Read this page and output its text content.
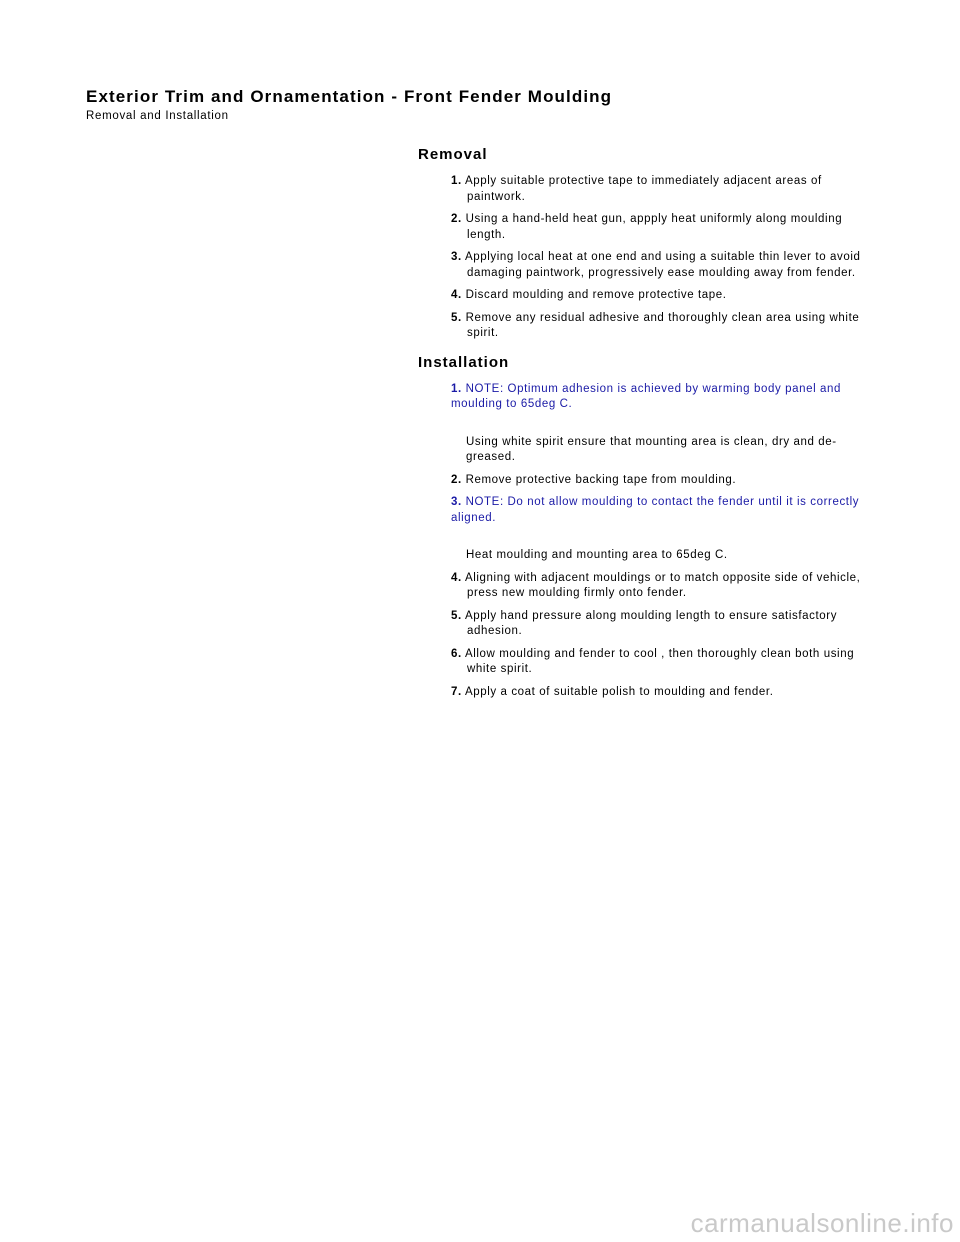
Exterior Trim and Ornamentation - Front Fender Moulding

Removal and Installation

Removal
1. Apply suitable protective tape to immediately adjacent areas of paintwork.
2. Using a hand-held heat gun, appply heat uniformly along moulding length.
3. Applying local heat at one end and using a suitable thin lever to avoid damaging paintwork, progressively ease moulding away from fender.
4. Discard moulding and remove protective tape.
5. Remove any residual adhesive and thoroughly clean area using white spirit.
Installation
1. NOTE: Optimum adhesion is achieved by warming body panel and moulding to 65deg C.
Using white spirit ensure that mounting area is clean, dry and de-greased.
2. Remove protective backing tape from moulding.
3. NOTE: Do not allow moulding to contact the fender until it is correctly aligned.
Heat moulding and mounting area to 65deg C.
4. Aligning with adjacent mouldings or to match opposite side of vehicle, press new moulding firmly onto fender.
5. Apply hand pressure along moulding length to ensure satisfactory adhesion.
6. Allow moulding and fender to cool , then thoroughly clean both using white spirit.
7. Apply a coat of suitable polish to moulding and fender.
carmanualsonline.info
